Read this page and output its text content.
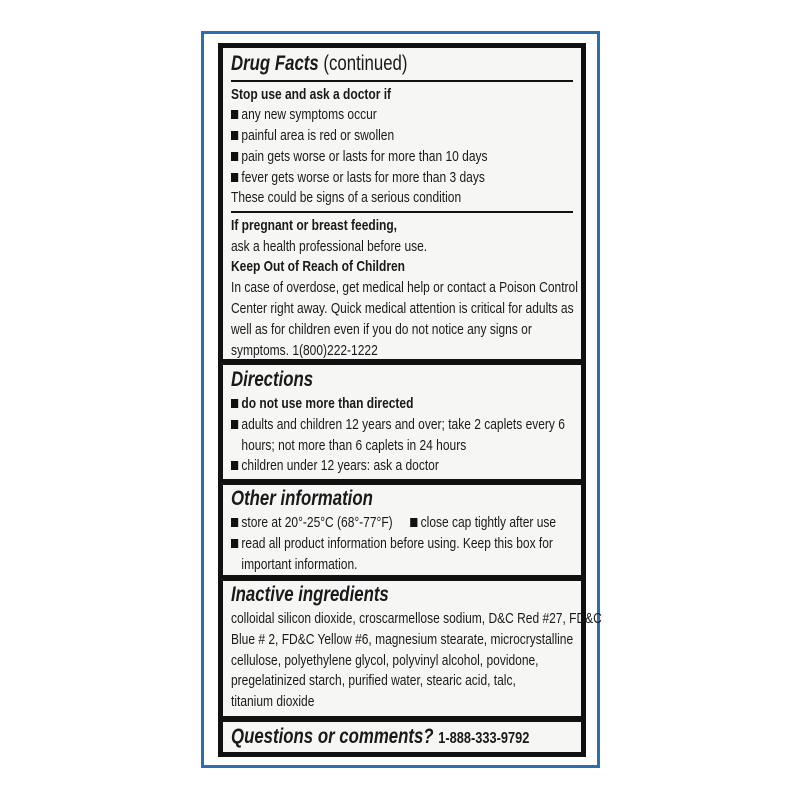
Drug Facts (continued)
Stop use and ask a doctor if
any new symptoms occur
painful area is red or swollen
pain gets worse or lasts for more than 10 days
fever gets worse or lasts for more than 3 days
These could be signs of a serious condition
If pregnant or breast feeding,
ask a health professional before use.
Keep Out of Reach of Children
In case of overdose, get medical help or contact a Poison Control
Center right away. Quick medical attention is critical for adults as
well as for children even if you do not notice any signs or
symptoms. 1(800)222-1222
Directions
do not use more than directed
adults and children 12 years and over; take 2 caplets every 6
hours; not more than 6 caplets in 24 hours
children under 12 years: ask a doctor
Other information
store at 20°-25°C (68°-77°F) close cap tightly after use
read all product information before using. Keep this box for
important information.
Inactive ingredients
colloidal silicon dioxide, croscarmellose sodium, D&C Red #27, FD&C
Blue # 2, FD&C Yellow #6, magnesium stearate, microcrystalline
cellulose, polyethylene glycol, polyvinyl alcohol, povidone,
pregelatinized starch, purified water, stearic acid, talc,
titanium dioxide
Questions or comments? 1-888-333-9792
